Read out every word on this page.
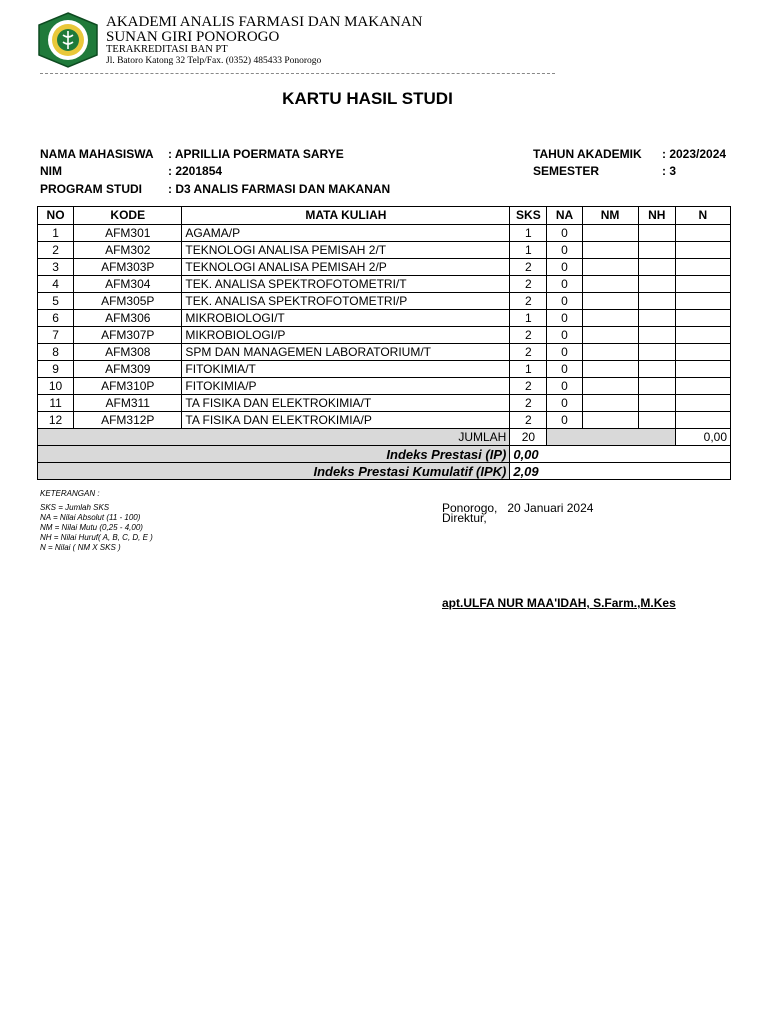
AKADEMI ANALIS FARMASI DAN MAKANAN
SUNAN GIRI PONOROGO
TERAKREDITASI BAN PT
Jl. Batoro Katong 32 Telp/Fax. (0352) 485433 Ponorogo
KARTU HASIL STUDI
NAMA MAHASISWA : APRILLIA POERMATA SARYE
NIM	: 2201854
PROGRAM STUDI : D3 ANALIS FARMASI DAN MAKANAN
TAHUN AKADEMIK : 2023/2024
SEMESTER	: 3
NO	KODE	MATA KULIAH	SKS	NA	NM	NH	N
1	AFM301	AGAMA/P	1	0			
2	AFM302	TEKNOLOGI ANALISA PEMISAH 2/T	1	0			
3	AFM303P	TEKNOLOGI ANALISA PEMISAH 2/P	2	0			
4	AFM304	TEK. ANALISA SPEKTROFOTOMETRI/T	2	0			
5	AFM305P	TEK. ANALISA SPEKTROFOTOMETRI/P	2	0			
6	AFM306	MIKROBIOLOGI/T	1	0			
7	AFM307P	MIKROBIOLOGI/P	2	0			
8	AFM308	SPM DAN MANAGEMEN LABORATORIUM/T	2	0			
9	AFM309	FITOKIMIA/T	1	0			
10	AFM310P	FITOKIMIA/P	2	0			
11	AFM311	TA FISIKA DAN ELEKTROKIMIA/T	2	0			
12	AFM312P	TA FISIKA DAN ELEKTROKIMIA/P	2	0			
JUMLAH			20				0,00
Indeks Prestasi (IP)			0,00				
Indeks Prestasi Kumulatif (IPK)			2,09				
KETERANGAN :
SKS = Jumlah SKS
NA = Nilai Absolut (11 - 100)
NM = Nilai Mutu (0,25 - 4,00)
NH = Nilai Huruf( A, B, C, D, E )
N = Nilai ( NM X SKS )
Ponorogo,   20 Januari 2024
Direktur,
apt.ULFA NUR MAA'IDAH, S.Farm.,M.Kes
